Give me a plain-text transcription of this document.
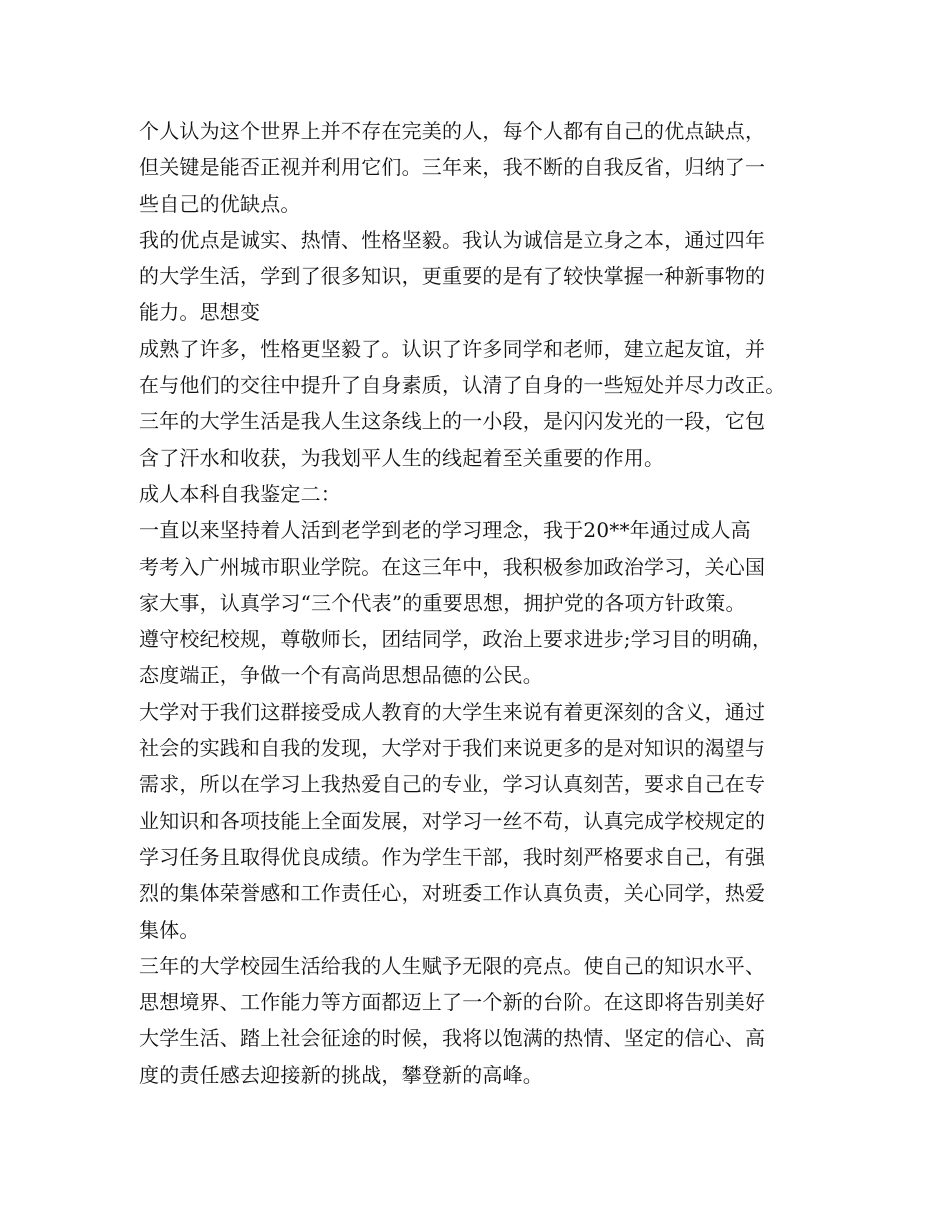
个人认为这个世界上并不存在完美的人，每个人都有自己的优点缺点，
但关键是能否正视并利用它们。三年来，我不断的自我反省，归纳了一
些自己的优缺点。
我的优点是诚实、热情、性格坚毅。我认为诚信是立身之本，通过四年
的大学生活，学到了很多知识，更重要的是有了较快掌握一种新事物的
能力。思想变
成熟了许多，性格更坚毅了。认识了许多同学和老师，建立起友谊，并
在与他们的交往中提升了自身素质，认清了自身的一些短处并尽力改正。
三年的大学生活是我人生这条线上的一小段，是闪闪发光的一段，它包
含了汗水和收获，为我划平人生的线起着至关重要的作用。
成人本科自我鉴定二：
一直以来坚持着人活到老学到老的学习理念，我于20**年通过成人高
考考入广州城市职业学院。在这三年中，我积极参加政治学习，关心国
家大事，认真学习“三个代表”的重要思想，拥护党的各项方针政策。
遵守校纪校规，尊敬师长，团结同学，政治上要求进步;学习目的明确，
态度端正，争做一个有高尚思想品德的公民。
大学对于我们这群接受成人教育的大学生来说有着更深刻的含义，通过
社会的实践和自我的发现，大学对于我们来说更多的是对知识的渴望与
需求，所以在学习上我热爱自己的专业，学习认真刻苦，要求自己在专
业知识和各项技能上全面发展，对学习一丝不苟，认真完成学校规定的
学习任务且取得优良成绩。作为学生干部，我时刻严格要求自己，有强
烈的集体荣誉感和工作责任心，对班委工作认真负责，关心同学，热爱
集体。
三年的大学校园生活给我的人生赋予无限的亮点。使自己的知识水平、
思想境界、工作能力等方面都迈上了一个新的台阶。在这即将告别美好
大学生活、踏上社会征途的时候，我将以饱满的热情、坚定的信心、高
度的责任感去迎接新的挑战，攀登新的高峰。
